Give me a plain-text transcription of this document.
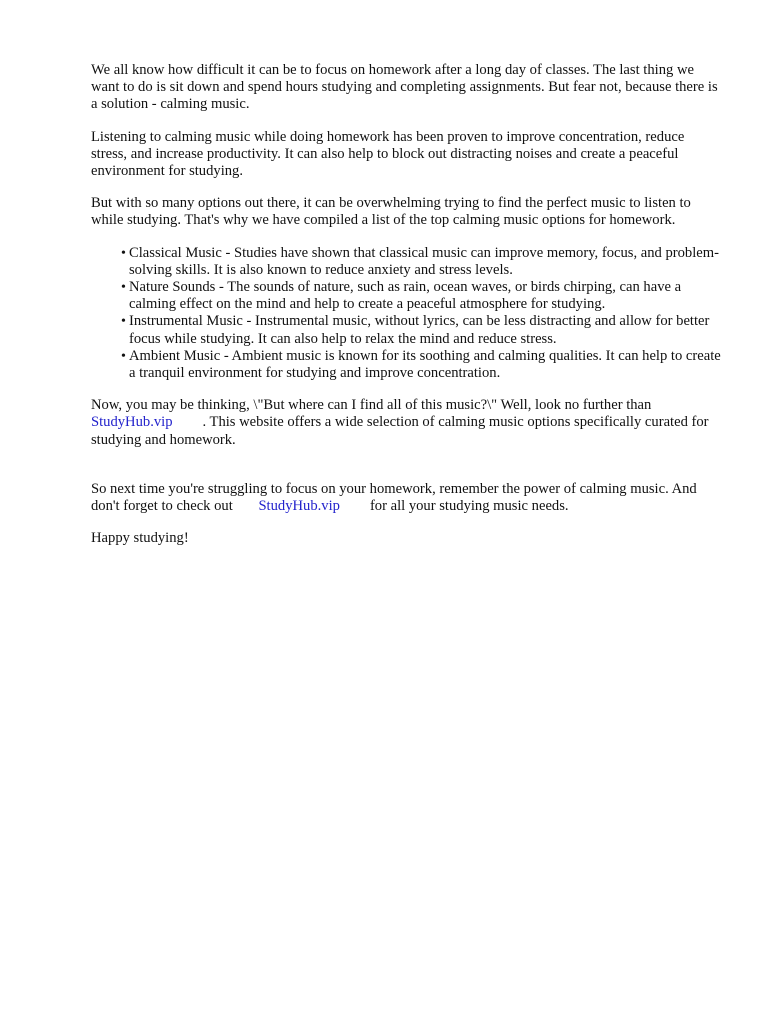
We all know how difficult it can be to focus on homework after a long day of classes. The last thing we want to do is sit down and spend hours studying and completing assignments. But fear not, because there is a solution - calming music.

Listening to calming music while doing homework has been proven to improve concentration, reduce stress, and increase productivity. It can also help to block out distracting noises and create a peaceful environment for studying.

But with so many options out there, it can be overwhelming trying to find the perfect music to listen to while studying. That's why we have compiled a list of the top calming music options for homework.

• Classical Music - Studies have shown that classical music can improve memory, focus, and problem-solving skills. It is also known to reduce anxiety and stress levels.
• Nature Sounds - The sounds of nature, such as rain, ocean waves, or birds chirping, can have a calming effect on the mind and help to create a peaceful atmosphere for studying.
• Instrumental Music - Instrumental music, without lyrics, can be less distracting and allow for better focus while studying. It can also help to relax the mind and reduce stress.
• Ambient Music - Ambient music is known for its soothing and calming qualities. It can help to create a tranquil environment for studying and improve concentration.

Now, you may be thinking, \"But where can I find all of this music?\" Well, look no further than StudyHub.vip . This website offers a wide selection of calming music options specifically curated for studying and homework.

So next time you're struggling to focus on your homework, remember the power of calming music. And don't forget to check out StudyHub.vip for all your studying music needs.

Happy studying!
